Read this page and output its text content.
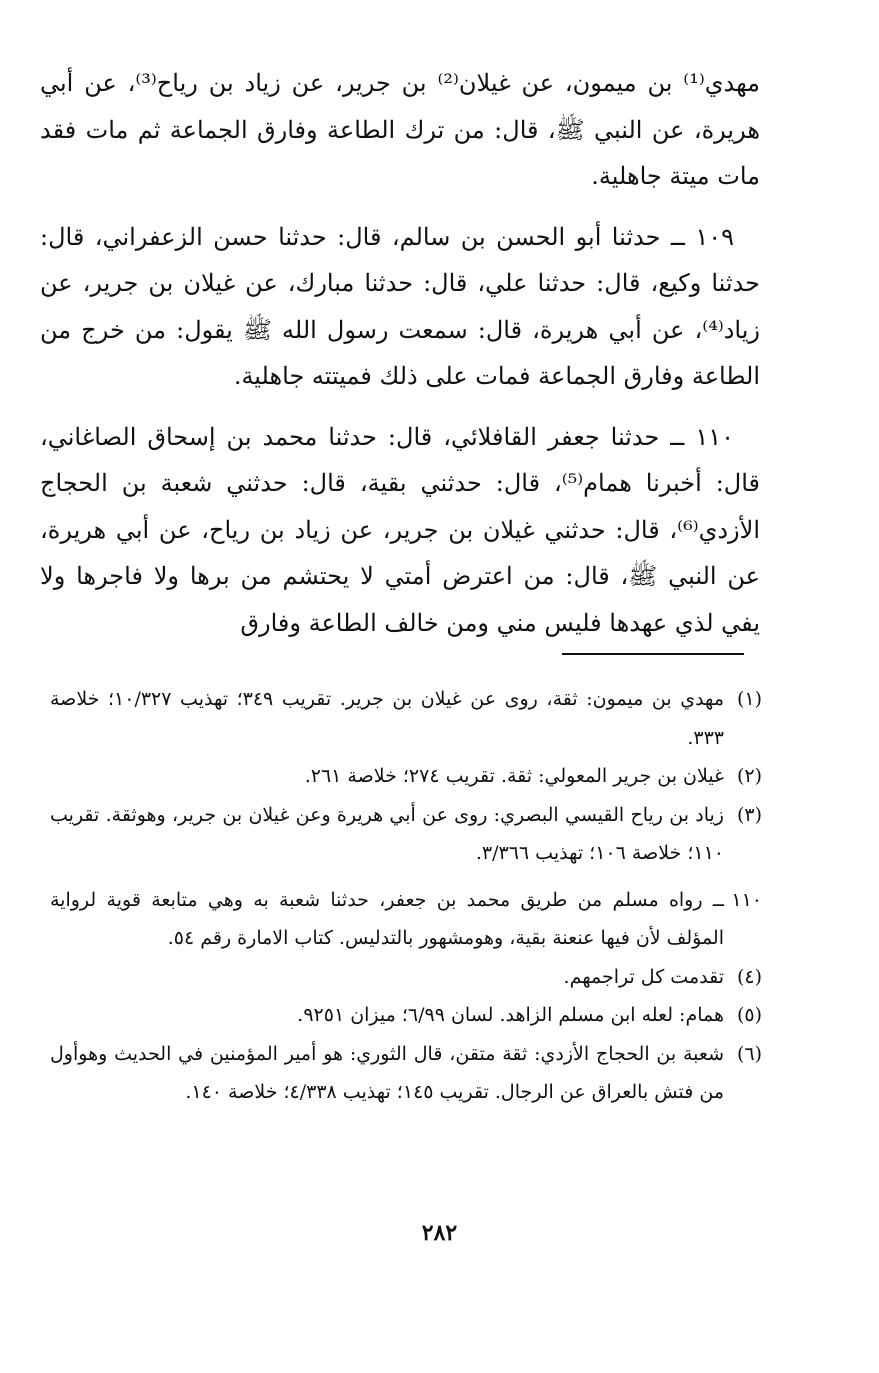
مهدي⁽¹⁾ بن ميمون، عن غيلان⁽²⁾ بن جرير، عن زياد بن رياح⁽³⁾، عن أبي هريرة، عن النبي ﷺ، قال: من ترك الطاعة وفارق الجماعة ثم مات فقد مات ميتة جاهلية.

١٠٩ ــ حدثنا أبو الحسن بن سالم، قال: حدثنا حسن الزعفراني، قال: حدثنا وكيع، قال: حدثنا علي، قال: حدثنا مبارك، عن غيلان بن جرير، عن زياد⁽⁴⁾، عن أبي هريرة، قال: سمعت رسول الله ﷺ يقول: من خرج من الطاعة وفارق الجماعة فمات على ذلك فميتته جاهلية.

١١٠ ــ حدثنا جعفر القافلائي، قال: حدثنا محمد بن إسحاق الصاغاني، قال: أخبرنا همام⁽⁵⁾، قال: حدثني بقية، قال: حدثني شعبة بن الحجاج الأزدي⁽⁶⁾، قال: حدثني غيلان بن جرير، عن زياد بن رياح، عن أبي هريرة، عن النبي ﷺ، قال: من اعترض أمتي لا يحتشم من برها ولا فاجرها ولا يفي لذي عهدها فليس مني ومن خالف الطاعة وفارق

(١)
مهدي بن ميمون: ثقة، روى عن غيلان بن جرير. تقريب ٣٤٩؛ تهذيب ١٠/٣٢٧؛ خلاصة ٣٣٣.
(٢)
غيلان بن جرير المعولي: ثقة. تقريب ٢٧٤؛ خلاصة ٢٦١.
(٣)
زياد بن رياح القيسي البصري: روى عن أبي هريرة وعن غيلان بن جرير، وهوثقة. تقريب ١١٠؛ خلاصة ١٠٦؛ تهذيب ٣/٣٦٦.
١١٠
ــ رواه مسلم من طريق محمد بن جعفر، حدثنا شعبة به وهي متابعة قوية لرواية المؤلف لأن فيها عنعنة بقية، وهومشهور بالتدليس. كتاب الامارة رقم ٥٤.
(٤)
تقدمت كل تراجمهم.
(٥)
همام: لعله ابن مسلم الزاهد. لسان ٦/٩٩؛ ميزان ٩٢٥١.
(٦)
شعبة بن الحجاج الأزدي: ثقة متقن، قال الثوري: هو أمير المؤمنين في الحديث وهوأول من فتش بالعراق عن الرجال. تقريب ١٤٥؛ تهذيب ٤/٣٣٨؛ خلاصة ١٤٠.
٢٨٢
